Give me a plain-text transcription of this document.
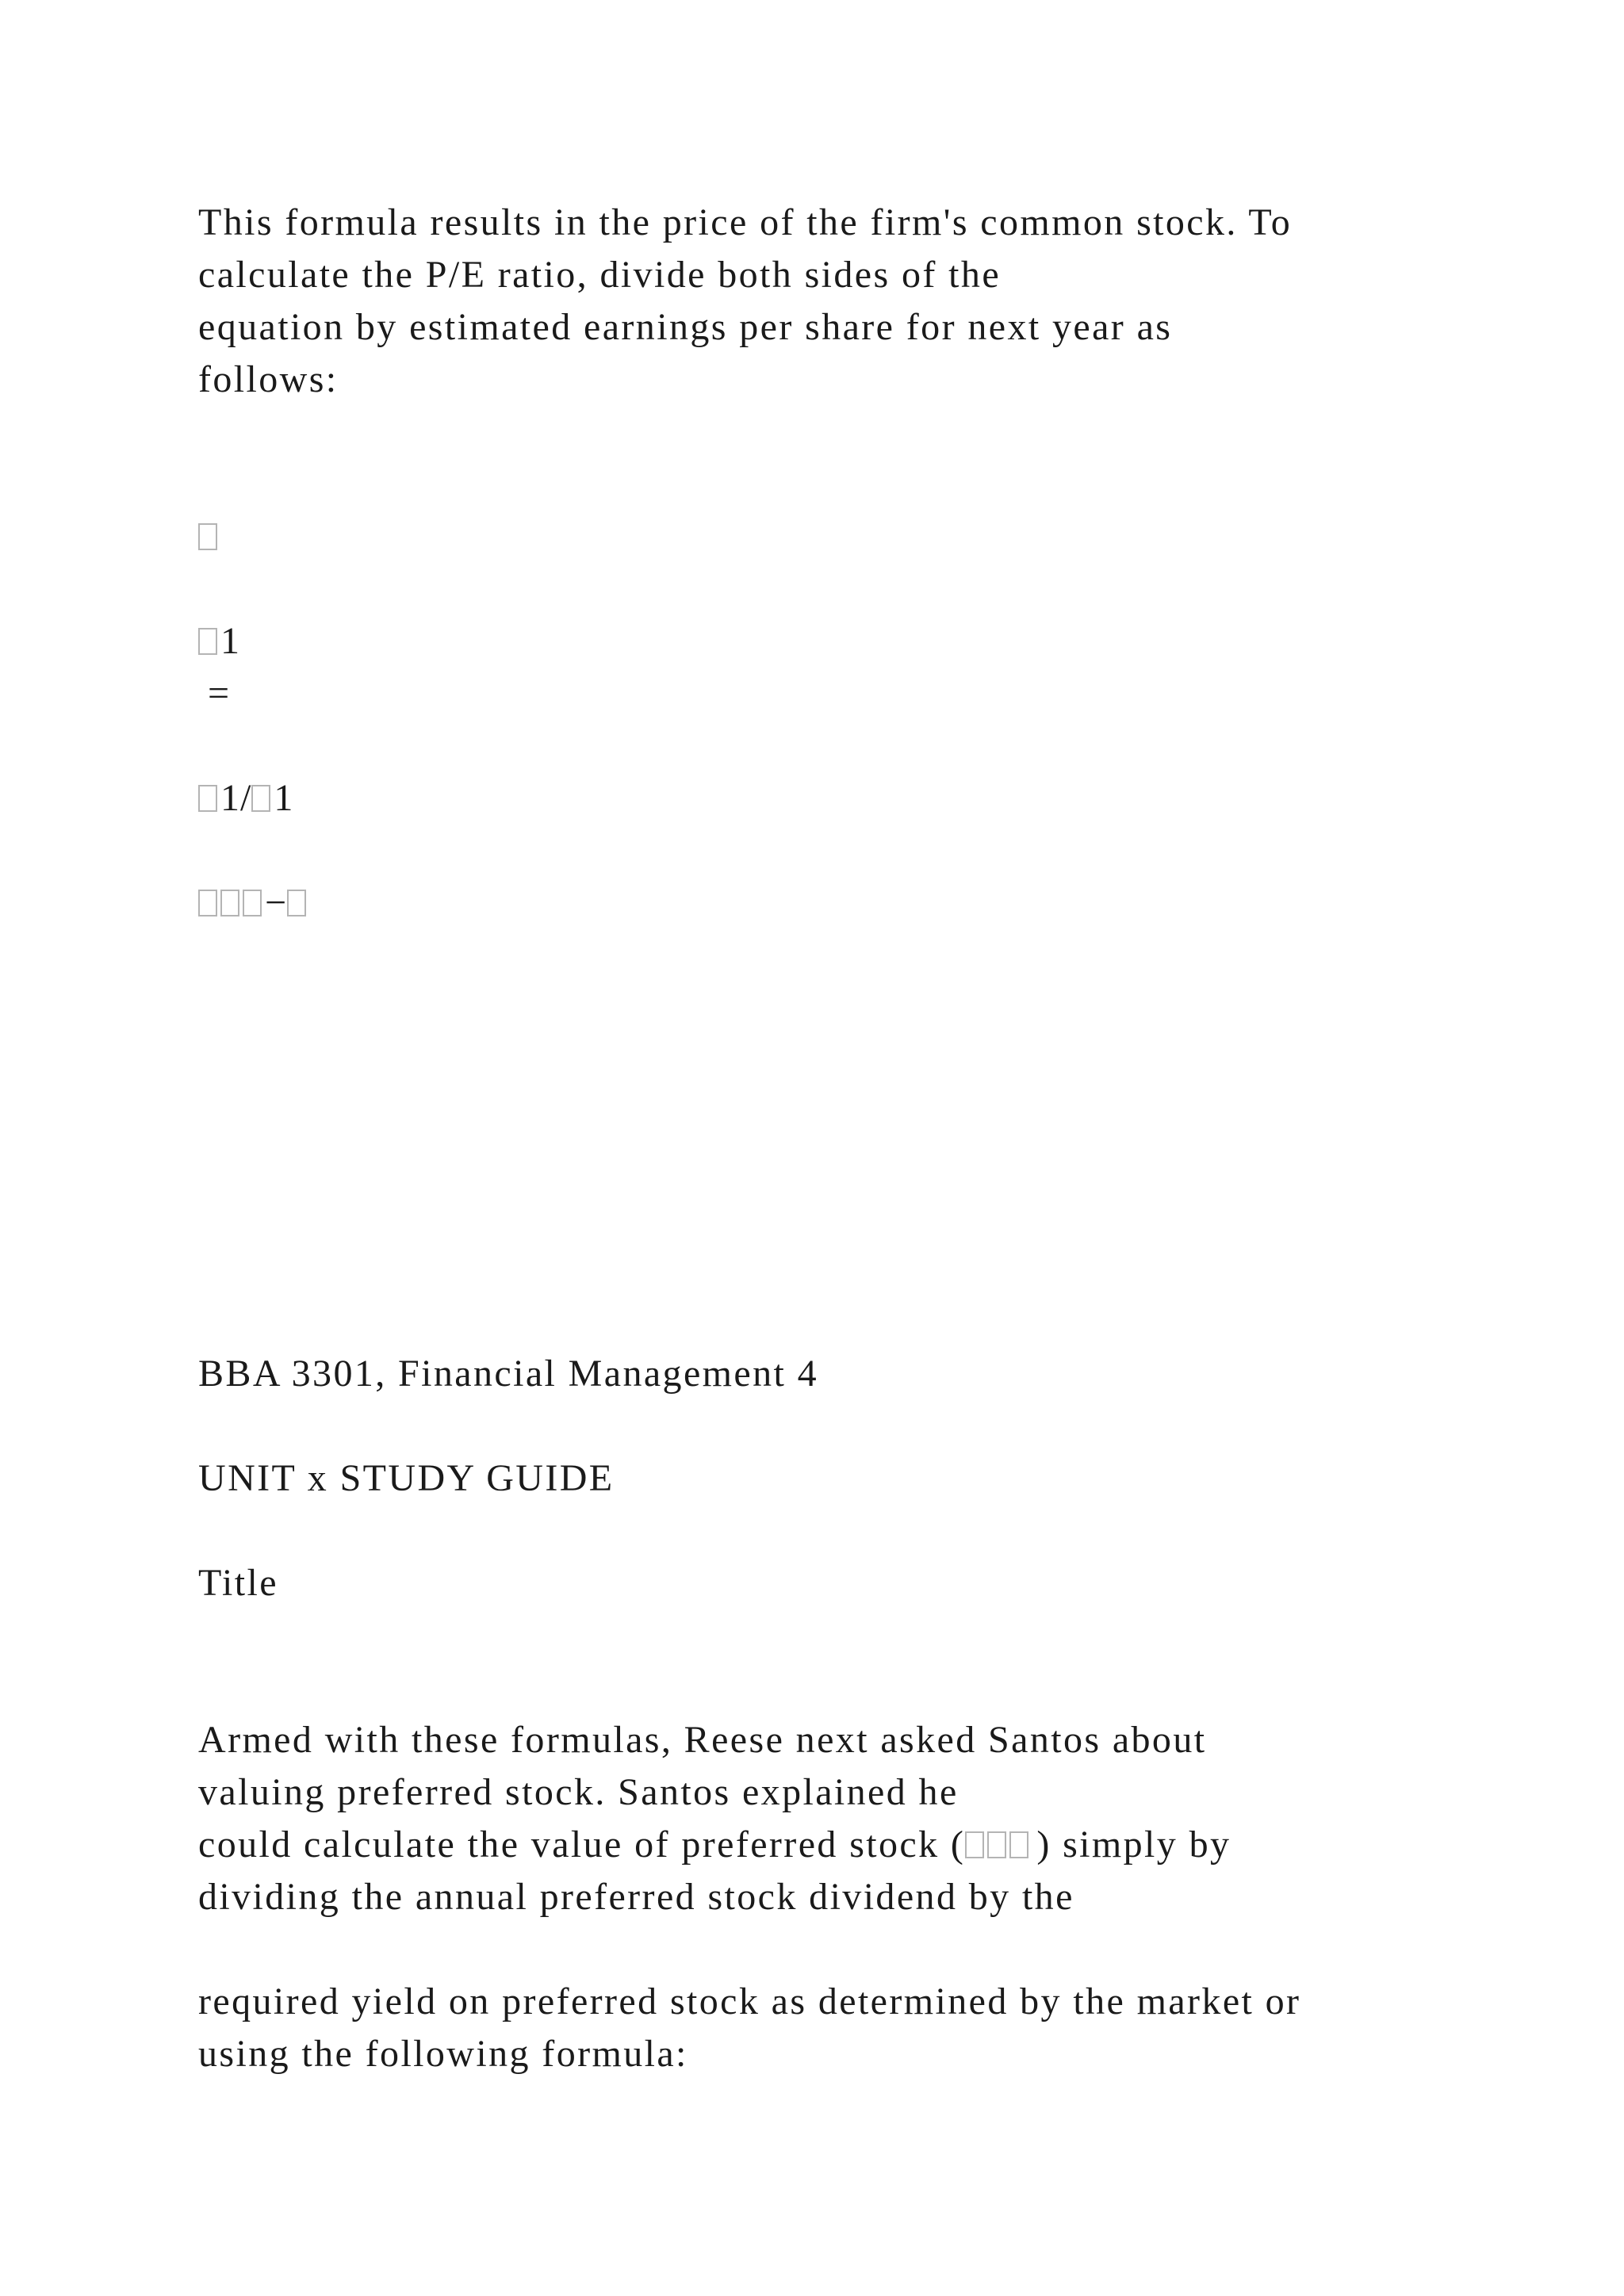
This formula results in the price of the firm's common stock. To
calculate the P/E ratio, divide both sides of the
equation by estimated earnings per share for next year as
follows:
1
=
1/ 1
−
BBA 3301, Financial Management 4
UNIT x STUDY GUIDE
Title
Armed with these formulas, Reese next asked Santos about
valuing preferred stock. Santos explained he
could calculate the value of preferred stock ( ) simply by
dividing the annual preferred stock dividend by the
required yield on preferred stock as determined by the market or
using the following formula:
